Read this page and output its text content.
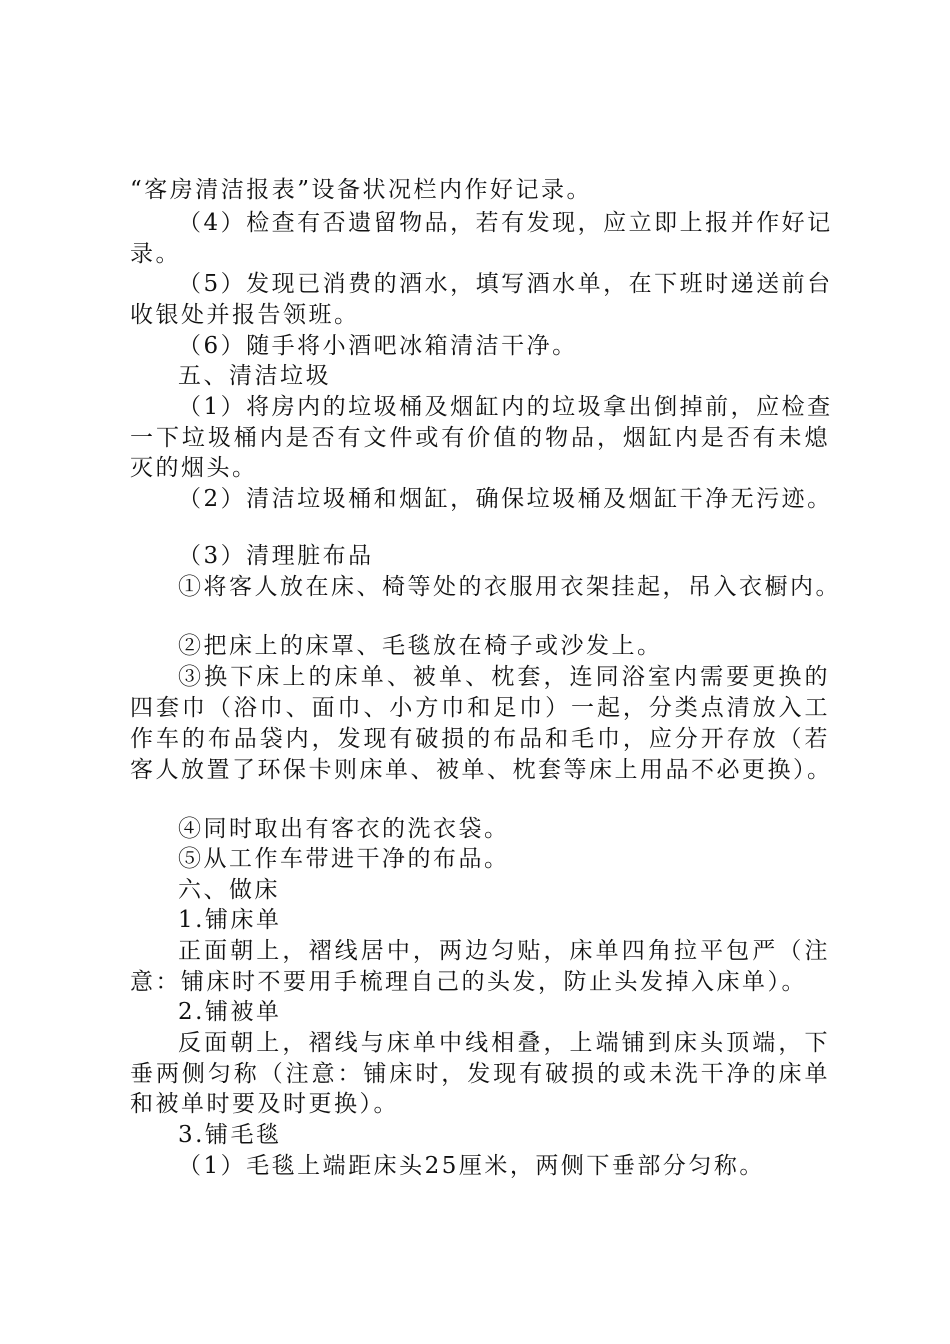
“客房清洁报表”设备状况栏内作好记录。
（4）检查有否遗留物品，若有发现，应立即上报并作好记
录。
（5）发现已消费的酒水，填写酒水单，在下班时递送前台
收银处并报告领班。
（6）随手将小酒吧冰箱清洁干净。
五、清洁垃圾
（1）将房内的垃圾桶及烟缸内的垃圾拿出倒掉前，应检查
一下垃圾桶内是否有文件或有价值的物品，烟缸内是否有未熄
灭的烟头。
（2）清洁垃圾桶和烟缸，确保垃圾桶及烟缸干净无污迹。
（3）清理脏布品
①将客人放在床、椅等处的衣服用衣架挂起，吊入衣橱内。
②把床上的床罩、毛毯放在椅子或沙发上。
③换下床上的床单、被单、枕套，连同浴室内需要更换的
四套巾（浴巾、面巾、小方巾和足巾）一起，分类点清放入工
作车的布品袋内，发现有破损的布品和毛巾，应分开存放（若
客人放置了环保卡则床单、被单、枕套等床上用品不必更换）。
④同时取出有客衣的洗衣袋。
⑤从工作车带进干净的布品。
六、做床
1.铺床单
正面朝上，褶线居中，两边匀贴，床单四角拉平包严（注
意：铺床时不要用手梳理自己的头发，防止头发掉入床单）。
2.铺被单
反面朝上，褶线与床单中线相叠，上端铺到床头顶端，下
垂两侧匀称（注意：铺床时，发现有破损的或未洗干净的床单
和被单时要及时更换）。
3.铺毛毯
（1）毛毯上端距床头25厘米，两侧下垂部分匀称。
